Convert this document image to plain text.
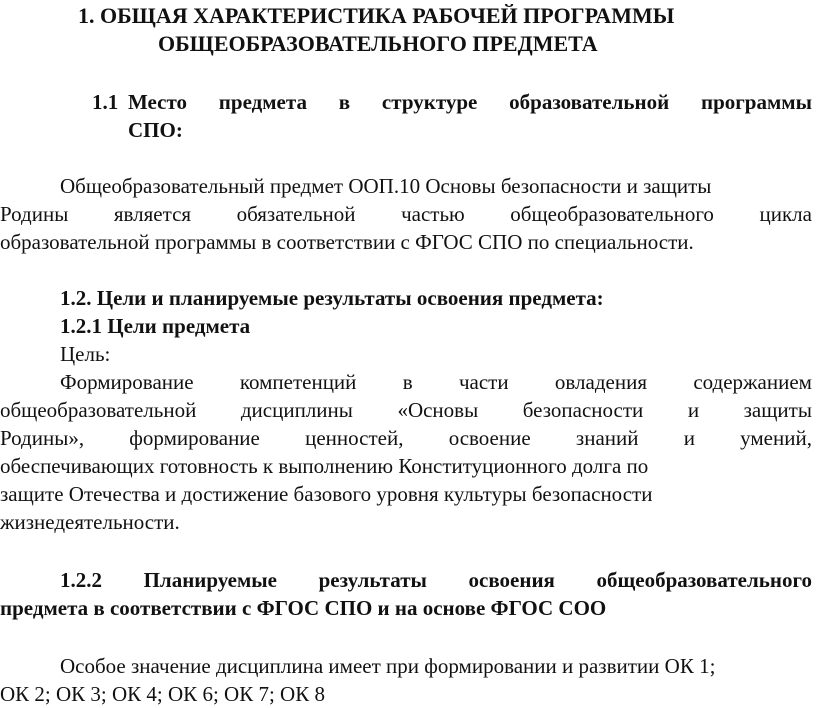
1. ОБЩАЯ ХАРАКТЕРИСТИКА РАБОЧЕЙ ПРОГРАММЫ
ОБЩЕОБРАЗОВАТЕЛЬНОГО ПРЕДМЕТА
1.1 Место предмета в структуре образовательной программы
СПО:
Общеобразовательный предмет ООП.10 Основы безопасности и защиты
Родины является обязательной частью общеобразовательного цикла
образовательной программы в соответствии с ФГОС СПО по специальности.
1.2. Цели и планируемые результаты освоения предмета:
1.2.1 Цели предмета
Цель:
Формирование компетенций в части овладения содержанием
общеобразовательной дисциплины «Основы безопасности и защиты
Родины», формирование ценностей, освоение знаний и умений,
обеспечивающих готовность к выполнению Конституционного долга по
защите Отечества и достижение базового уровня культуры безопасности
жизнедеятельности.
1.2.2 Планируемые результаты освоения общеобразовательного
предмета в соответствии с ФГОС СПО и на основе ФГОС СОО
Особое значение дисциплина имеет при формировании и развитии ОК 1;
ОК 2; ОК 3; ОК 4; ОК 6; ОК 7; ОК 8
